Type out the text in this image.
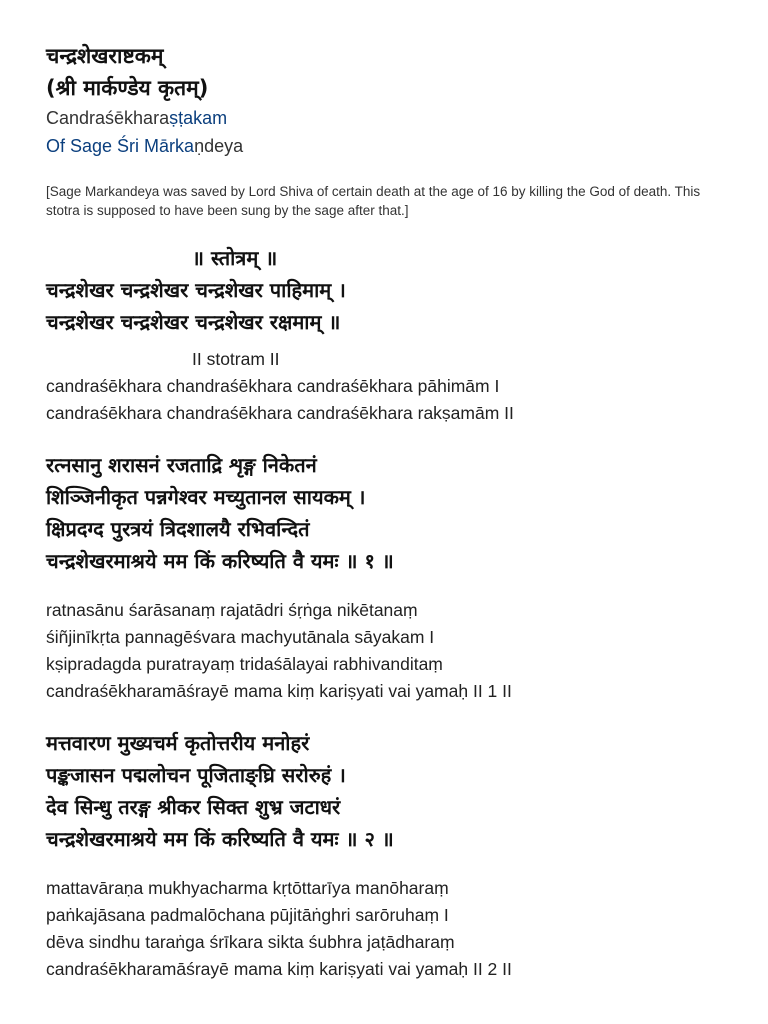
चन्द्रशेखराष्टकम्
(श्री मार्कण्डेय कृतम्)
Candraśēkharaṣṭakam
Of Sage Śri Mārkaṇdeya
[Sage Markandeya was saved by Lord Shiva of certain death at the age of 16 by killing the God of death. This stotra is supposed to have been sung by the sage after that.]
॥ स्तोत्रम् ॥
चन्द्रशेखर चन्द्रशेखर चन्द्रशेखर पाहिमाम् ।
चन्द्रशेखर चन्द्रशेखर चन्द्रशेखर रक्षमाम् ॥
II stotram II
candraśēkhara chandraśēkhara candraśēkhara pāhimām I
candraśēkhara chandraśēkhara candraśēkhara rakṣamām II
रत्नसानु शरासनं रजताद्रि शृङ्ग निकेतनं
शिञ्जिनीकृत पन्नगेश्वर मच्युतानल सायकम् ।
क्षिप्रदग्द पुरत्रयं त्रिदशालयै रभिवन्दितं
चन्द्रशेखरमाश्रये मम किं करिष्यति वै यमः ॥ १ ॥
ratnasānu śarāsanaṃ rajatādri śṛṅga nikētanaṃ
śiñjinīkṛta pannagēśvara machyutānala sāyakam I
kṣipradagda puratrayaṃ tridaśālayai rabhivanditaṃ
candraśēkharamāśrayē mama kiṃ kariṣyati vai yamaḥ II 1 II
मत्तवारण मुख्यचर्म कृतोत्तरीय मनोहरं
पङ्कजासन पद्मलोचन पूजिताङ्घ्रि सरोरुहं ।
देव सिन्धु तरङ्ग श्रीकर सिक्त शुभ्र जटाधरं
चन्द्रशेखरमाश्रये मम किं करिष्यति वै यमः ॥ २ ॥
mattavāraṇa mukhyacharma kṛtōttarīya manōharaṃ
paṅkajāsana padmalōchana pūjitāṅghri sarōruhaṃ I
dēva sindhu taraṅga śrīkara sikta śubhra jaṭādharaṃ
candraśēkharamāśrayē mama kiṃ kariṣyati vai yamaḥ II 2 II
